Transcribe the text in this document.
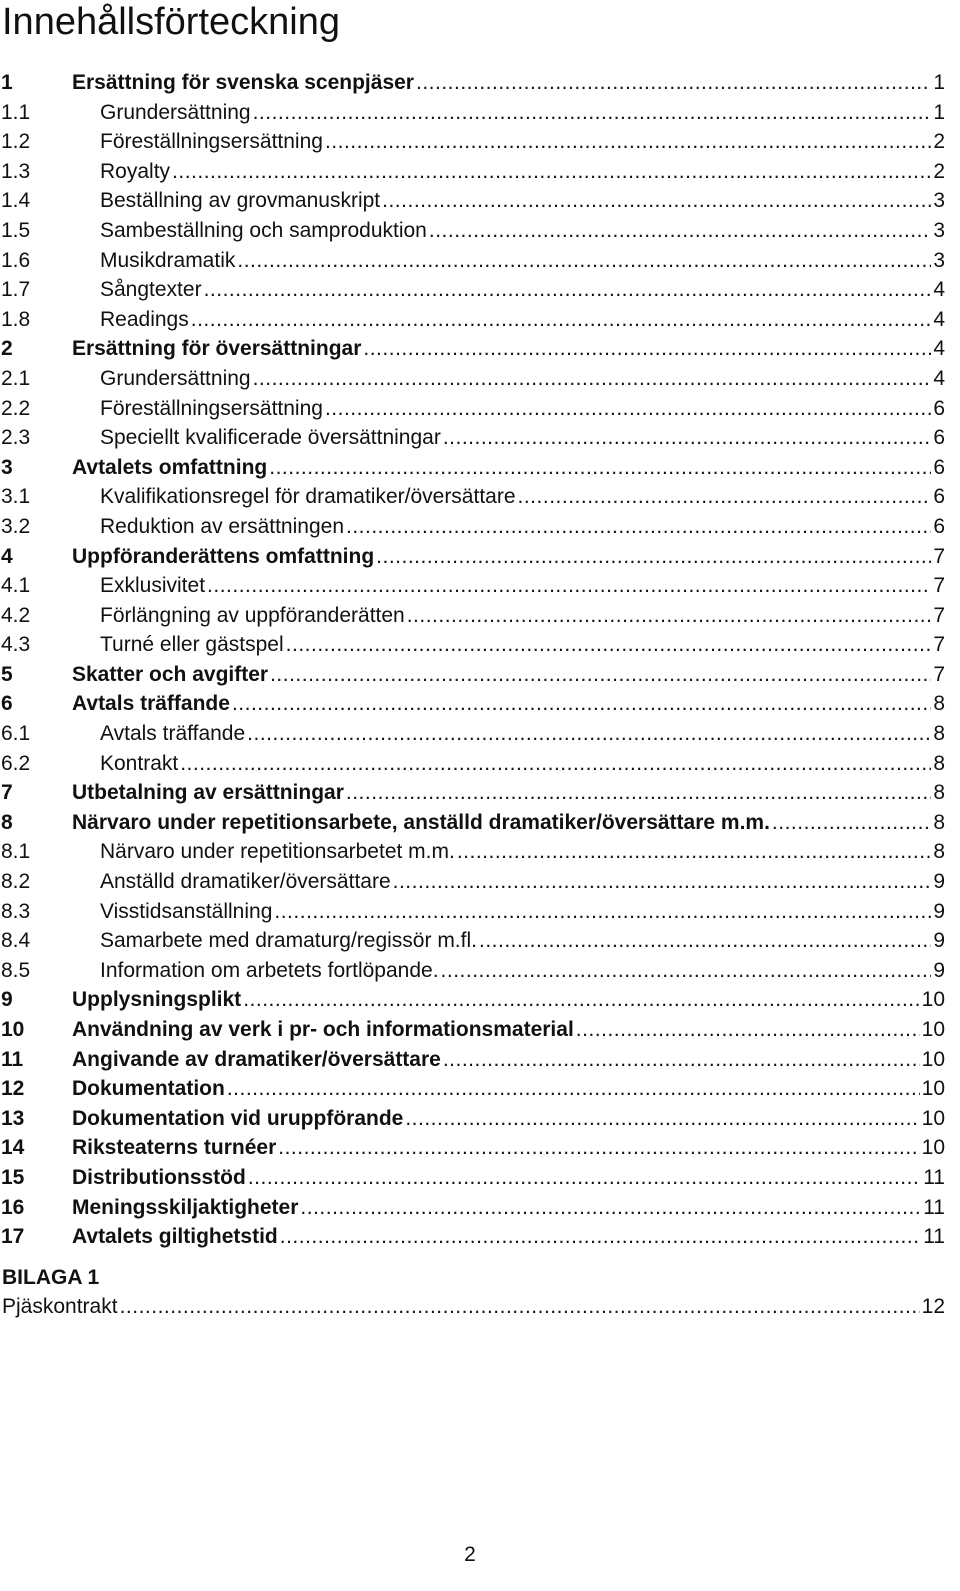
Innehållsförteckning
1	Ersättning för svenska scenpjäser .....	1
1.1	Grundersättning .....	1
1.2	Föreställningsersättning .....	2
1.3	Royalty .....	2
1.4	Beställning av grovmanuskript .....	3
1.5	Sambeställning och samproduktion .....	3
1.6	Musikdramatik .....	3
1.7	Sångtexter .....	4
1.8	Readings .....	4
2	Ersättning för översättningar .....	4
2.1	Grundersättning .....	4
2.2	Föreställningsersättning .....	6
2.3	Speciellt kvalificerade översättningar .....	6
3	Avtalets omfattning .....	6
3.1	Kvalifikationsregel för dramatiker/översättare .....	6
3.2	Reduktion av ersättningen .....	6
4	Uppföranderättens omfattning .....	7
4.1	Exklusivitet .....	7
4.2	Förlängning av uppföranderätten .....	7
4.3	Turné eller gästspel .....	7
5	Skatter och avgifter .....	7
6	Avtals träffande .....	8
6.1	Avtals träffande .....	8
6.2	Kontrakt .....	8
7	Utbetalning av ersättningar .....	8
8	Närvaro under repetitionsarbete, anställd dramatiker/översättare m.m. .....	8
8.1	Närvaro under repetitionsarbetet m.m. .....	8
8.2	Anställd dramatiker/översättare .....	9
8.3	Visstidsanställning .....	9
8.4	Samarbete med dramaturg/regissör m.fl. .....	9
8.5	Information om arbetets fortlöpande. .....	9
9	Upplysningsplikt .....	10
10	Användning av verk i pr- och informationsmaterial .....	10
11	Angivande av dramatiker/översättare .....	10
12	Dokumentation .....	10
13	Dokumentation vid uruppförande .....	10
14	Riksteaterns turnéer .....	10
15	Distributionsstöd .....	11
16	Meningsskiljaktigheter .....	11
17	Avtalets giltighetstid .....	11
BILAGA 1
Pjäskontrakt .....	12
2
